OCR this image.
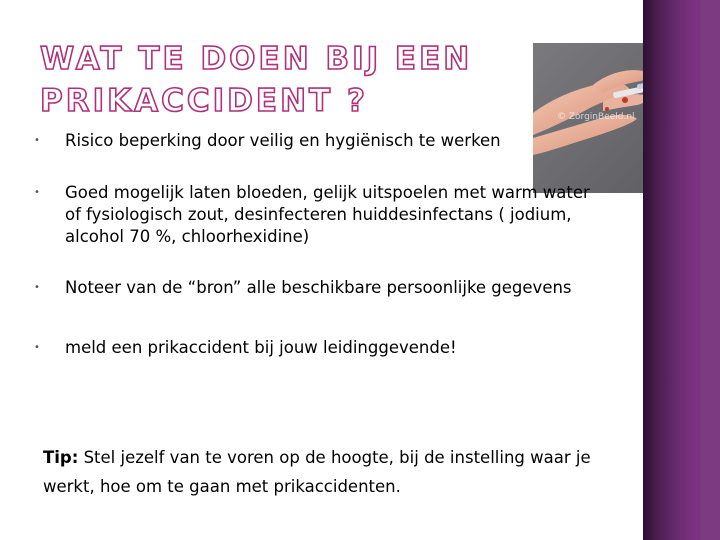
WAT TE DOEN BIJ EEN PRIKACCIDENT ?	© ZorginBeeld.nl
• Risico beperking door veilig en hygiënisch te werken
• Goed mogelijk laten bloeden, gelijk uitspoelen met warm water of fysiologisch zout, desinfecteren huiddesinfectans ( jodium, alcohol 70 %, chloorhexidine)
• Noteer van de “bron” alle beschikbare persoonlijke gegevens
• meld een prikaccident bij jouw leidinggevende!

Tip: Stel jezelf van te voren op de hoogte, bij de instelling waar je werkt, hoe om te gaan met prikaccidenten.
